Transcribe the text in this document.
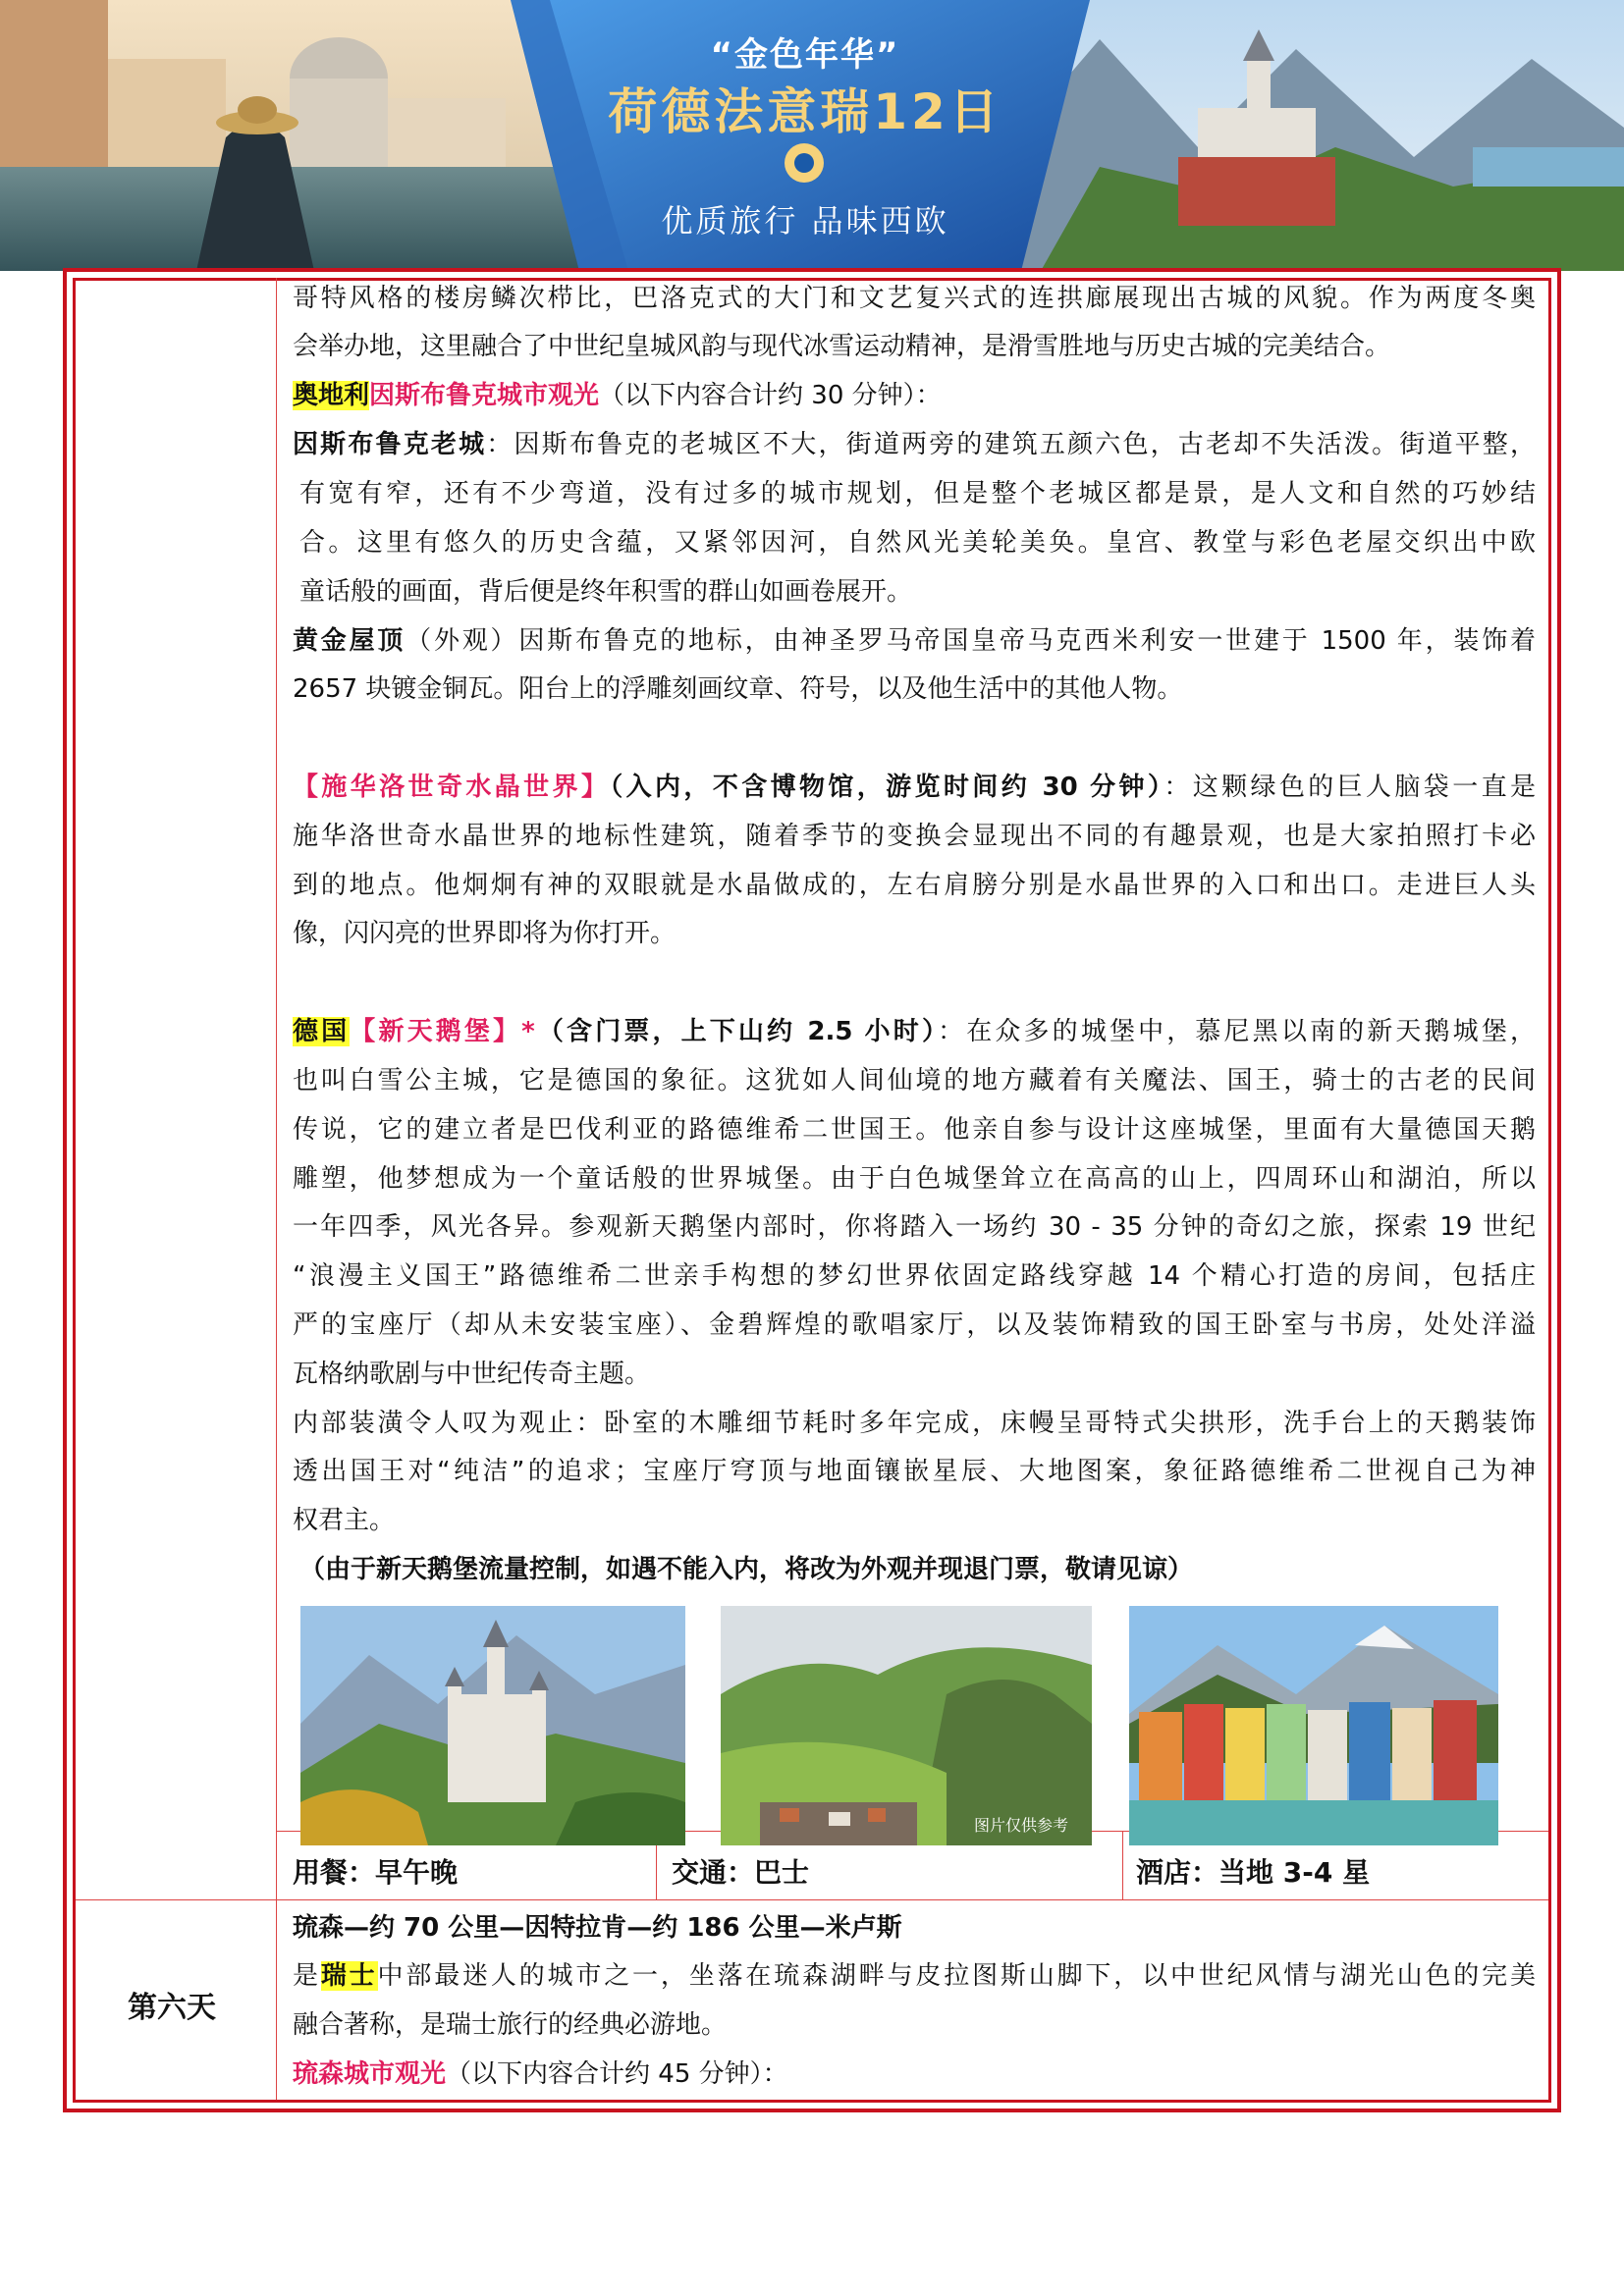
“金色年华”
荷德法意瑞12日
优质旅行 品味西欧
哥特风格的楼房鳞次栉比，巴洛克式的大门和文艺复兴式的连拱廊展现出古城的风貌。作为两度冬奥
会举办地，这里融合了中世纪皇城风韵与现代冰雪运动精神，是滑雪胜地与历史古城的完美结合。
奥地利因斯布鲁克城市观光（以下内容合计约 30 分钟）：
因斯布鲁克老城：因斯布鲁克的老城区不大，街道两旁的建筑五颜六色，古老却不失活泼。街道平整，
有宽有窄，还有不少弯道，没有过多的城市规划，但是整个老城区都是景，是人文和自然的巧妙结
合。这里有悠久的历史含蕴，又紧邻因河，自然风光美轮美奂。皇宫、教堂与彩色老屋交织出中欧
童话般的画面，背后便是终年积雪的群山如画卷展开。
黄金屋顶（外观）因斯布鲁克的地标，由神圣罗马帝国皇帝马克西米利安一世建于 1500 年，装饰着
2657 块镀金铜瓦。阳台上的浮雕刻画纹章、符号，以及他生活中的其他人物。
【施华洛世奇水晶世界】（入内，不含博物馆，游览时间约 30 分钟）：这颗绿色的巨人脑袋一直是
施华洛世奇水晶世界的地标性建筑，随着季节的变换会显现出不同的有趣景观，也是大家拍照打卡必
到的地点。他炯炯有神的双眼就是水晶做成的，左右肩膀分别是水晶世界的入口和出口。走进巨人头
像，闪闪亮的世界即将为你打开。
德国【新天鹅堡】*（含门票，上下山约 2.5 小时）：在众多的城堡中，慕尼黑以南的新天鹅城堡，
也叫白雪公主城，它是德国的象征。这犹如人间仙境的地方藏着有关魔法、国王，骑士的古老的民间
传说，它的建立者是巴伐利亚的路德维希二世国王。他亲自参与设计这座城堡，里面有大量德国天鹅
雕塑，他梦想成为一个童话般的世界城堡。由于白色城堡耸立在高高的山上，四周环山和湖泊，所以
一年四季，风光各异。参观新天鹅堡内部时，你将踏入一场约 30 - 35 分钟的奇幻之旅，探索 19 世纪
“浪漫主义国王”路德维希二世亲手构想的梦幻世界依固定路线穿越 14 个精心打造的房间，包括庄
严的宝座厅（却从未安装宝座）、金碧辉煌的歌唱家厅，以及装饰精致的国王卧室与书房，处处洋溢
瓦格纳歌剧与中世纪传奇主题。
内部装潢令人叹为观止：卧室的木雕细节耗时多年完成，床幔呈哥特式尖拱形，洗手台上的天鹅装饰
透出国王对“纯洁”的追求；宝座厅穹顶与地面镶嵌星辰、大地图案，象征路德维希二世视自己为神
权君主。
（由于新天鹅堡流量控制，如遇不能入内，将改为外观并现退门票，敬请见谅）
图片仅供参考
用餐：早午晚	交通：巴士	酒店：当地 3-4 星
第六天
琉森—约 70 公里—因特拉肯—约 186 公里—米卢斯
是瑞士中部最迷人的城市之一，坐落在琉森湖畔与皮拉图斯山脚下，以中世纪风情与湖光山色的完美
融合著称，是瑞士旅行的经典必游地。
琉森城市观光（以下内容合计约 45 分钟）：
